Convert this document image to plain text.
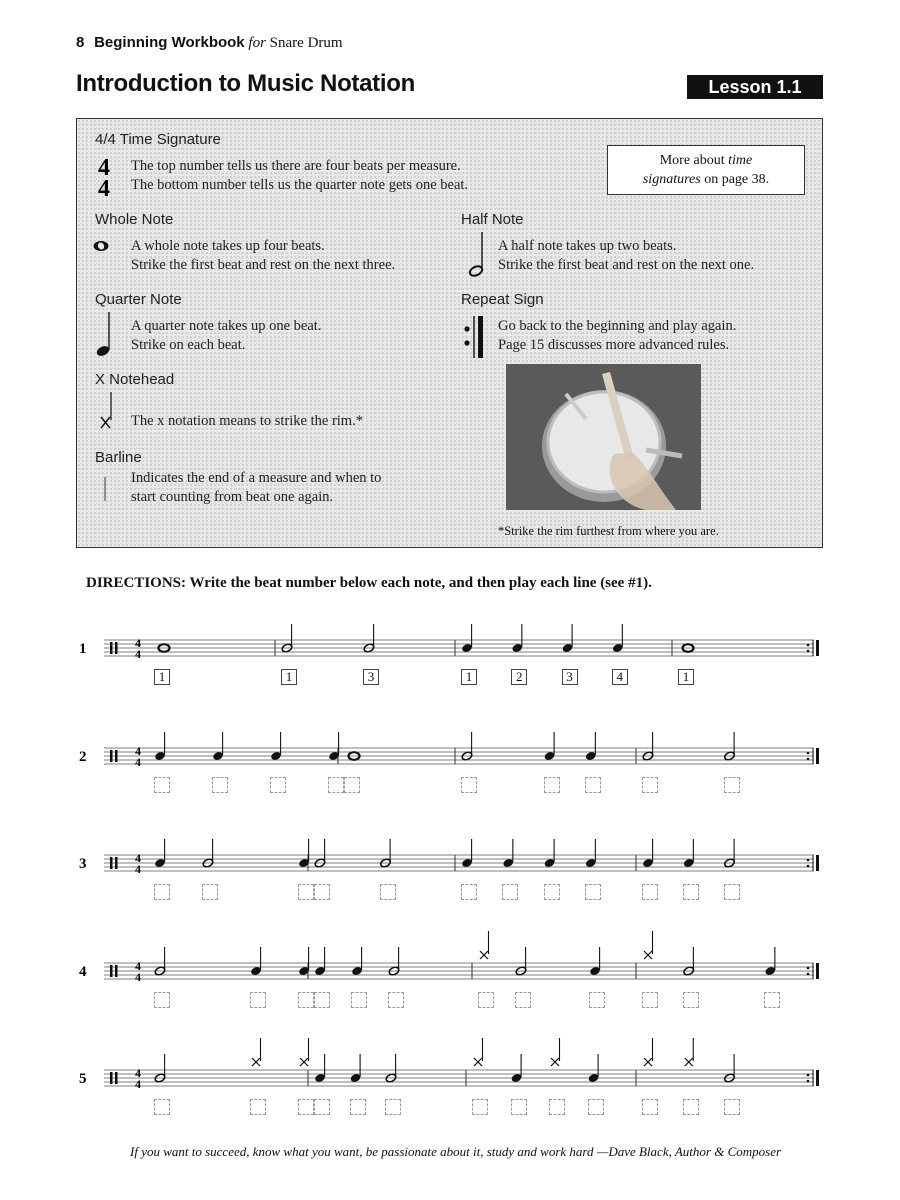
8 Beginning Workbook for Snare Drum
Introduction to Music Notation	Lesson 1.1
4/4 Time Signature
4
4
The top number tells us there are four beats per measure.
The bottom number tells us the quarter note gets one beat.
More about time
signatures on page 38.
Whole Note
A whole note takes up four beats.
Strike the first beat and rest on the next three.
Half Note
A half note takes up two beats.
Strike the first beat and rest on the next one.
Quarter Note
A quarter note takes up one beat.
Strike on each beat.
Repeat Sign
Go back to the beginning and play again.
Page 15 discusses more advanced rules.
X Notehead
The x notation means to strike the rim.*
Barline
Indicates the end of a measure and when to
start counting from beat one again.
*Strike the rim furthest from where you are.
DIRECTIONS: Write the beat number below each note, and then play each line (see #1).
1	4
4
2	4
4
3	4
4
4	4
4
5	4
4
1	1	3	1	2	3	4	1
If you want to succeed, know what you want, be passionate about it, study and work hard —Dave Black, Author & Composer
